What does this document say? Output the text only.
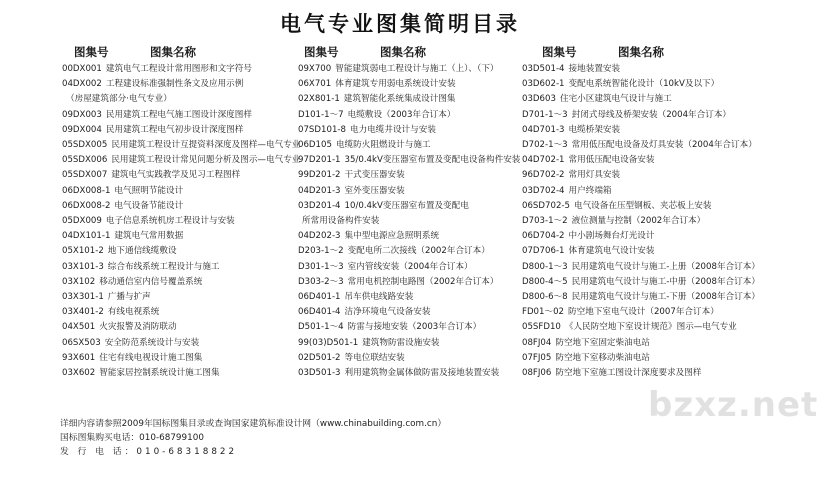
电气专业图集简明目录
图集号	图集名称
00DX001 建筑电气工程设计常用图形和文字符号
04DX002 工程建设标准强制性条文及应用示例
（房屋建筑部分·电气专业）
09DX003 民用建筑工程电气施工图设计深度图样
09DX004 民用建筑工程电气初步设计深度图样
05SDX005 民用建筑工程设计互提资料深度及图样—电气专业
05SDX006 民用建筑工程设计常见问题分析及图示—电气专业
05SDX007 建筑电气实践教学及见习工程图样
06DX008-1 电气照明节能设计
06DX008-2 电气设备节能设计
05DX009 电子信息系统机房工程设计与安装
04DX101-1 建筑电气常用数据
05X101-2 地下通信线缆敷设
03X101-3 综合布线系统工程设计与施工
03X102 移动通信室内信号覆盖系统
03X301-1 广播与扩声
03X401-2 有线电视系统
04X501 火灾报警及消防联动
06SX503 安全防范系统设计与安装
93X601 住宅有线电视设计施工图集
03X602 智能家居控制系统设计施工图集
图集号	图集名称
09X700 智能建筑弱电工程设计与施工（上）、（下）
06X701 体育建筑专用弱电系统设计安装
02X801-1 建筑智能化系统集成设计图集
D101-1～7 电缆敷设（2003年合订本）
07SD101-8 电力电缆井设计与安装
06D105 电缆防火阻燃设计与施工
97D201-1 35/0.4kV变压器室布置及变配电设备构件安装
99D201-2 干式变压器安装
04D201-3 室外变压器安装
03D201-4 10/0.4kV变压器室布置及变配电
所常用设备构件安装
04D202-3 集中型电源应急照明系统
D203-1～2 变配电所二次接线（2002年合订本）
D301-1～3 室内管线安装（2004年合订本）
D303-2～3 常用电机控制电路图（2002年合订本）
06D401-1 吊车供电线路安装
06D401-4 洁净环境电气设备安装
D501-1～4 防雷与接地安装（2003年合订本）
99(03)D501-1 建筑物防雷设施安装
02D501-2 等电位联结安装
03D501-3 利用建筑物金属体做防雷及接地装置安装
图集号	图集名称
03D501-4 接地装置安装
03D602-1 变配电系统智能化设计（10kV及以下）
03D603 住宅小区建筑电气设计与施工
D701-1～3 封闭式母线及桥架安装（2004年合订本）
04D701-3 电缆桥架安装
D702-1～3 常用低压配电设备及灯具安装（2004年合订本）
04D702-1 常用低压配电设备安装
96D702-2 常用灯具安装
03D702-4 用户终端箱
06SD702-5 电气设备在压型钢板、夹芯板上安装
D703-1～2 液位测量与控制（2002年合订本）
06D704-2 中小剧场舞台灯光设计
07D706-1 体育建筑电气设计安装
D800-1～3 民用建筑电气设计与施工-上册（2008年合订本）
D800-4～5 民用建筑电气设计与施工-中册（2008年合订本）
D800-6～8 民用建筑电气设计与施工-下册（2008年合订本）
FD01～02 防空地下室电气设计（2007年合订本）
05SFD10 《人民防空地下室设计规范》图示—电气专业
08FJ04 防空地下室固定柴油电站
07FJ05 防空地下室移动柴油电站
08FJ06 防空地下室施工图设计深度要求及图样
详细内容请参照2009年国标图集目录或查询国家建筑标准设计网（www.chinabuilding.com.cn）
国标图集购买电话：010-68799100
发 行 电 话：010-68318822
bzxz.net
